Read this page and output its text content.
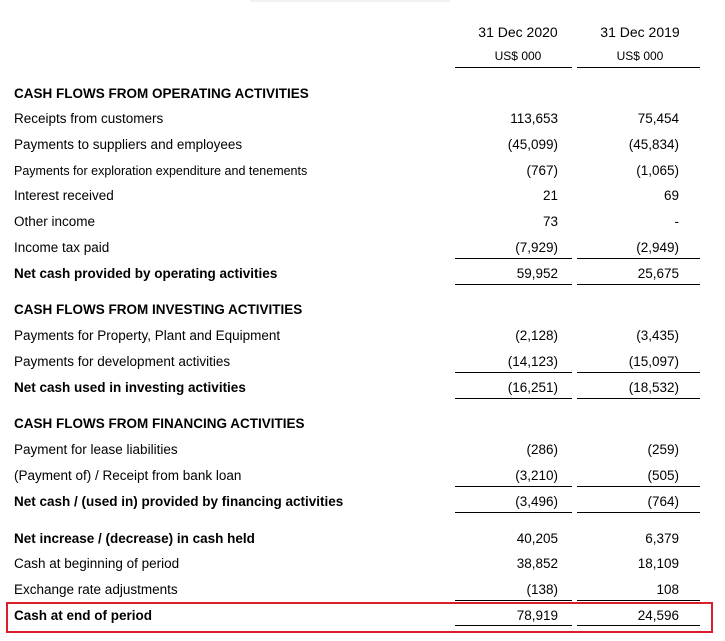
31 Dec 2020	31 Dec 2019
US$ 000	US$ 000
CASH FLOWS FROM OPERATING ACTIVITIES
Receipts from customers	113,653	75,454
Payments to suppliers and employees	(45,099)	(45,834)
Payments for exploration expenditure and tenements	(767)	(1,065)
Interest received	21	69
Other income	73	-
Income tax paid	(7,929)	(2,949)
Net cash provided by operating activities	59,952	25,675
CASH FLOWS FROM INVESTING ACTIVITIES
Payments for Property, Plant and Equipment	(2,128)	(3,435)
Payments for development activities	(14,123)	(15,097)
Net cash used in investing activities	(16,251)	(18,532)
CASH FLOWS FROM FINANCING ACTIVITIES
Payment for lease liabilities	(286)	(259)
(Payment of) / Receipt from bank loan	(3,210)	(505)
Net cash / (used in) provided by financing activities	(3,496)	(764)
Net increase / (decrease) in cash held	40,205	6,379
Cash at beginning of period	38,852	18,109
Exchange rate adjustments	(138)	108
Cash at end of period	78,919	24,596
